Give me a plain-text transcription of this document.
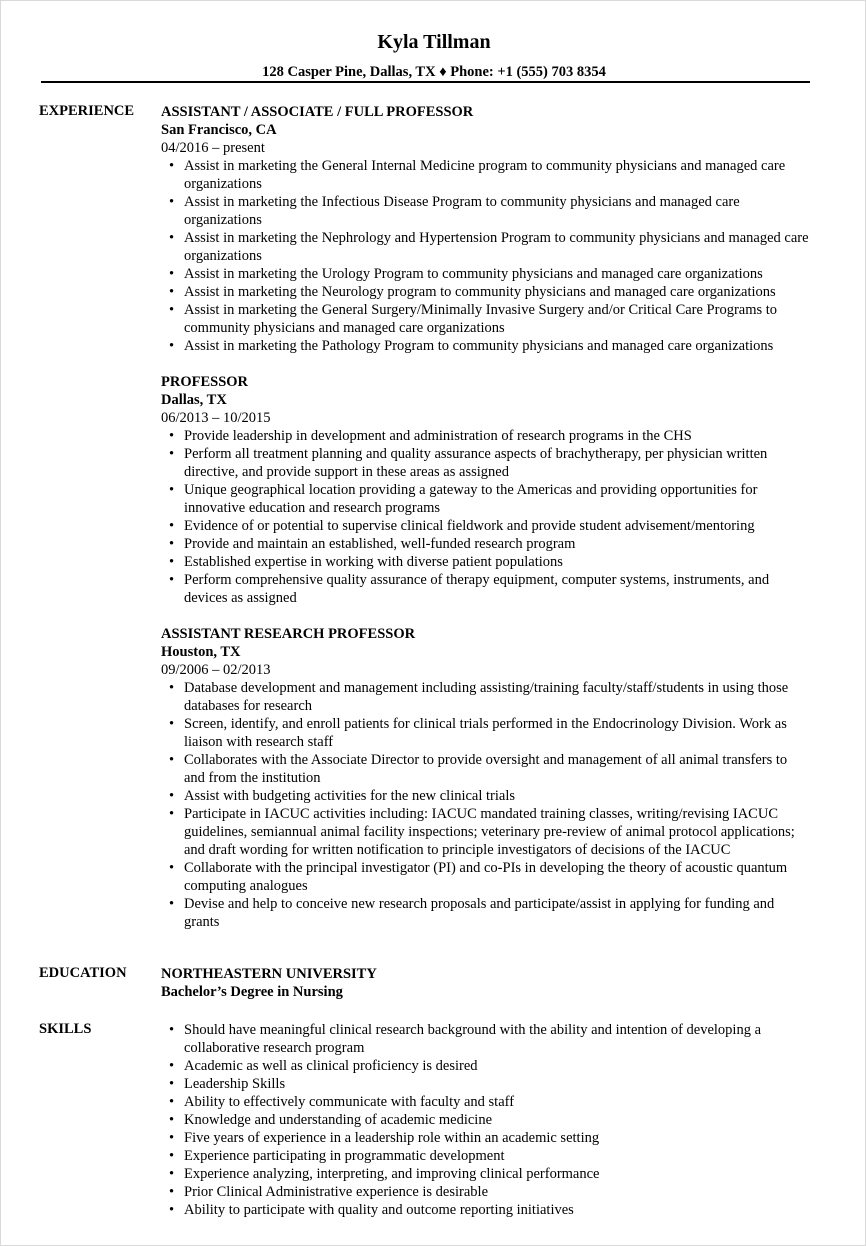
Kyla Tillman
128 Casper Pine, Dallas, TX ♦ Phone: +1 (555) 703 8354
EXPERIENCE ASSISTANT / ASSOCIATE / FULL PROFESSOR
San Francisco, CA
04/2016 – present
• Assist in marketing the General Internal Medicine program to community physicians and managed care organizations
• Assist in marketing the Infectious Disease Program to community physicians and managed care organizations
• Assist in marketing the Nephrology and Hypertension Program to community physicians and managed care organizations
• Assist in marketing the Urology Program to community physicians and managed care organizations
• Assist in marketing the Neurology program to community physicians and managed care organizations
• Assist in marketing the General Surgery/Minimally Invasive Surgery and/or Critical Care Programs to community physicians and managed care organizations
• Assist in marketing the Pathology Program to community physicians and managed care organizations
PROFESSOR
Dallas, TX
06/2013 – 10/2015
• Provide leadership in development and administration of research programs in the CHS
• Perform all treatment planning and quality assurance aspects of brachytherapy, per physician written directive, and provide support in these areas as assigned
• Unique geographical location providing a gateway to the Americas and providing opportunities for innovative education and research programs
• Evidence of or potential to supervise clinical fieldwork and provide student advisement/mentoring
• Provide and maintain an established, well-funded research program
• Established expertise in working with diverse patient populations
• Perform comprehensive quality assurance of therapy equipment, computer systems, instruments, and devices as assigned
ASSISTANT RESEARCH PROFESSOR
Houston, TX
09/2006 – 02/2013
• Database development and management including assisting/training faculty/staff/students in using those databases for research
• Screen, identify, and enroll patients for clinical trials performed in the Endocrinology Division. Work as liaison with research staff
• Collaborates with the Associate Director to provide oversight and management of all animal transfers to and from the institution
• Assist with budgeting activities for the new clinical trials
• Participate in IACUC activities including: IACUC mandated training classes, writing/revising IACUC guidelines, semiannual animal facility inspections; veterinary pre-review of animal protocol applications; and draft wording for written notification to principle investigators of decisions of the IACUC
• Collaborate with the principal investigator (PI) and co-PIs in developing the theory of acoustic quantum computing analogues
• Devise and help to conceive new research proposals and participate/assist in applying for funding and grants
EDUCATION NORTHEASTERN UNIVERSITY
Bachelor’s Degree in Nursing
SKILLS
•	Should have meaningful clinical research background with the ability and intention of developing a collaborative research program
• Academic as well as clinical proficiency is desired
• Leadership Skills
• Ability to effectively communicate with faculty and staff
• Knowledge and understanding of academic medicine
• Five years of experience in a leadership role within an academic setting
• Experience participating in programmatic development
• Experience analyzing, interpreting, and improving clinical performance
• Prior Clinical Administrative experience is desirable
• Ability to participate with quality and outcome reporting initiatives
